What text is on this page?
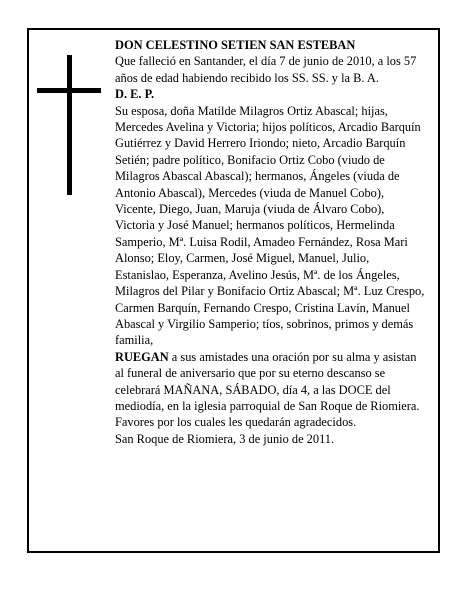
DON CELESTINO SETIEN SAN ESTEBAN

Que falleció en Santander, el día 7 de junio de 2010, a los 57 años de edad habiendo recibido los SS. SS. y la B. A.

D. E. P.

Su esposa, doña Matilde Milagros Ortiz Abascal; hijas, Mercedes Avelina y Victoria; hijos políticos, Arcadio Barquín Gutiérrez y David Herrero Iriondo; nieto, Arcadio Barquín Setién; padre político, Bonifacio Ortiz Cobo (viudo de Milagros Abascal Abascal); hermanos, Ángeles (viuda de Antonio Abascal), Mercedes (viuda de Manuel Cobo), Vicente, Diego, Juan, Maruja (viuda de Álvaro Cobo), Victoria y José Manuel; hermanos políticos, Hermelinda Samperio, Mª. Luisa Rodil, Amadeo Fernández, Rosa Mari Alonso; Eloy, Carmen, José Miguel, Manuel, Julio, Estanislao, Esperanza, Avelino Jesús, Mª. de los Ángeles, Milagros del Pilar y Bonifacio Ortiz Abascal; Mª. Luz Crespo, Carmen Barquín, Fernando Crespo, Cristina Lavín, Manuel Abascal y Virgilio Samperio; tíos, sobrinos, primos y demás familia,

RUEGAN a sus amistades una oración por su alma y asistan al funeral de aniversario que por su eterno descanso se celebrará MAÑANA, SÁBADO, día 4, a las DOCE del mediodía, en la iglesia parroquial de San Roque de Riomiera. Favores por los cuales les quedarán agradecidos.

San Roque de Riomiera, 3 de junio de 2011.
